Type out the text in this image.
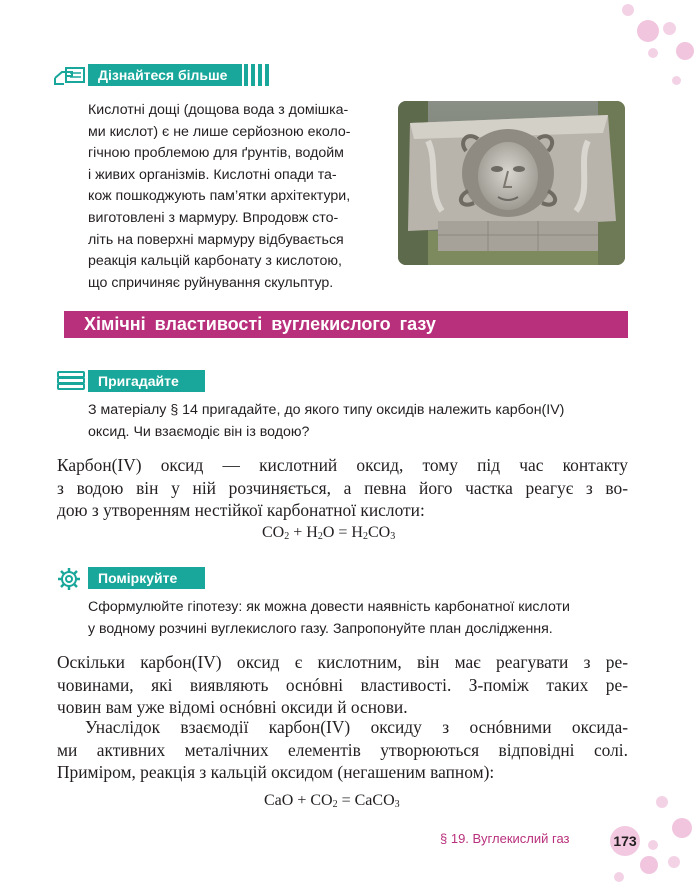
Дізнайтеся більше
Кислотні дощі (дощова вода з домішка-
ми кислот) є не лише серйозною еколо-
гічною проблемою для ґрунтів, водойм
і живих організмів. Кислотні опади та-
кож пошкоджують пам’ятки архітектури,
виготовлені з мармуру. Впродовж сто-
літь на поверхні мармуру відбувається
реакція кальцій карбонату з кислотою,
що спричиняє руйнування скульптур.
Хімічні властивості вуглекислого газу
Пригадайте
З матеріалу § 14 пригадайте, до якого типу оксидів належить карбон(IV)
оксид. Чи взаємодіє він із водою?
Карбон(IV) оксид — кислотний оксид, тому під час контакту
з водою він у ній розчиняється, а певна його частка реагує з во-
дою з утворенням нестійкої карбонатної кислоти:
$CO_2 + H_2O = H_2CO_3$
Поміркуйте
Сформулюйте гіпотезу: як можна довести наявність карбонатної кислоти
у водному розчині вуглекислого газу. Запропонуйте план дослідження.
Оскільки карбон(IV) оксид є кислотним, він має реагувати з ре-
човинами, які виявляють оснóвні властивості. З-поміж таких ре-
човин вам уже відомі оснóвні оксиди й основи.
Унаслідок взаємодії карбон(IV) оксиду з оснóвними оксида-
ми активних металічних елементів утворюються відповідні солі.
Приміром, реакція з кальцій оксидом (негашеним вапном):
CaO + $CO_2$ = CaCO$_3$
§ 19. Вуглекислий газ	173
